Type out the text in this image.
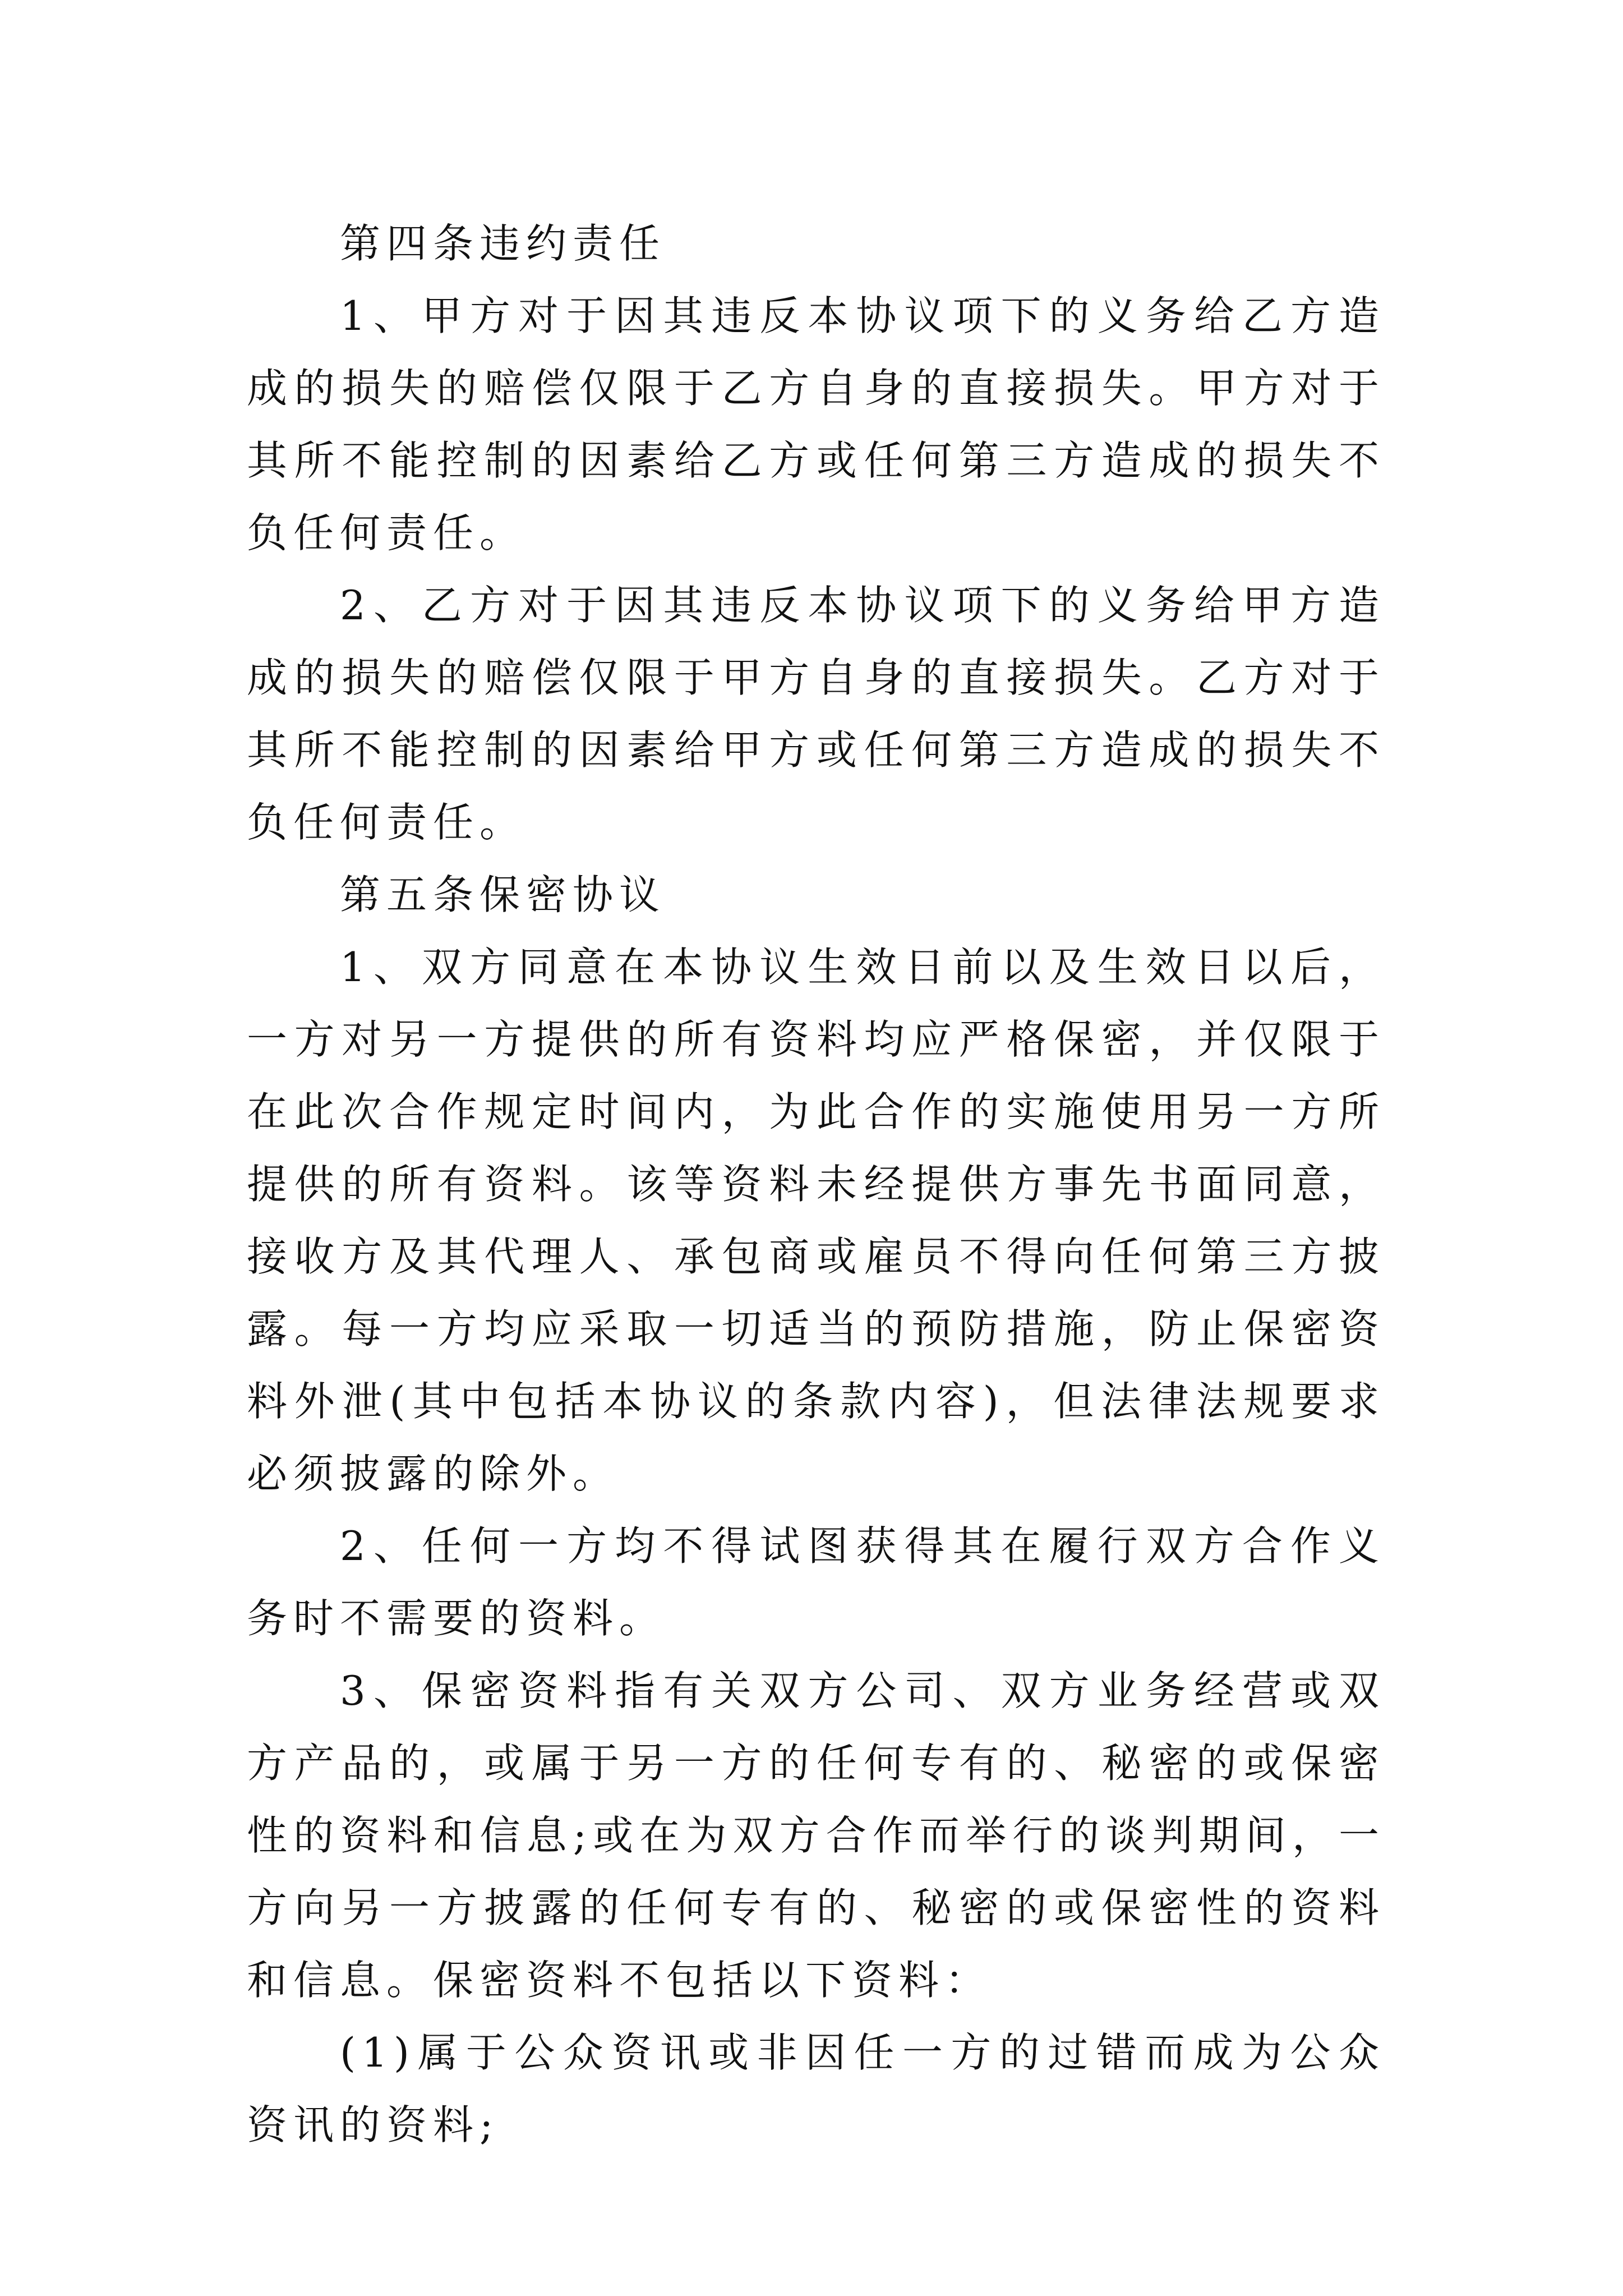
第四条违约责任

1、甲方对于因其违反本协议项下的义务给乙方造成的损失的赔偿仅限于乙方自身的直接损失。甲方对于其所不能控制的因素给乙方或任何第三方造成的损失不负任何责任。

2、乙方对于因其违反本协议项下的义务给甲方造成的损失的赔偿仅限于甲方自身的直接损失。乙方对于其所不能控制的因素给甲方或任何第三方造成的损失不负任何责任。

第五条保密协议

1、双方同意在本协议生效日前以及生效日以后，一方对另一方提供的所有资料均应严格保密，并仅限于在此次合作规定时间内，为此合作的实施使用另一方所提供的所有资料。该等资料未经提供方事先书面同意，接收方及其代理人、承包商或雇员不得向任何第三方披露。每一方均应采取一切适当的预防措施，防止保密资料外泄(其中包括本协议的条款内容)，但法律法规要求必须披露的除外。

2、任何一方均不得试图获得其在履行双方合作义务时不需要的资料。

3、保密资料指有关双方公司、双方业务经营或双方产品的，或属于另一方的任何专有的、秘密的或保密性的资料和信息;或在为双方合作而举行的谈判期间，一方向另一方披露的任何专有的、秘密的或保密性的资料和信息。保密资料不包括以下资料：

(1)属于公众资讯或非因任一方的过错而成为公众资讯的资料;
